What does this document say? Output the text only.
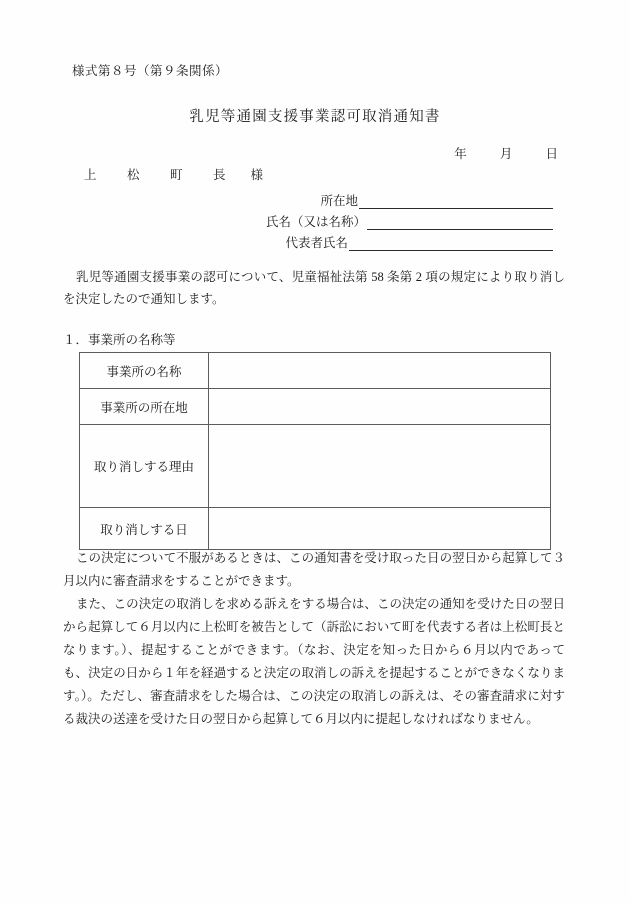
様式第８号（第９条関係）
乳児等通園支援事業認可取消通知書
年	月	日
上　松　町　長 様
所在地
氏名（又は名称）
代表者氏名
乳児等通園支援事業の認可について、児童福祉法第 58 条第 2 項の規定により取り消しを決定したので通知します。
１．事業所の名称等
事業所の名称	
事業所の所在地	
取り消しする理由	
取り消しする日	
この決定について不服があるときは、この通知書を受け取った日の翌日から起算して３月以内に審査請求をすることができます。
また、この決定の取消しを求める訴えをする場合は、この決定の通知を受けた日の翌日から起算して６月以内に上松町を被告として（訴訟において町を代表する者は上松町長となります。）、提起することができます。（なお、決定を知った日から６月以内であっても、決定の日から１年を経過すると決定の取消しの訴えを提起することができなくなります。）。ただし、審査請求をした場合は、この決定の取消しの訴えは、その審査請求に対する裁決の送達を受けた日の翌日から起算して６月以内に提起しなければなりません。
